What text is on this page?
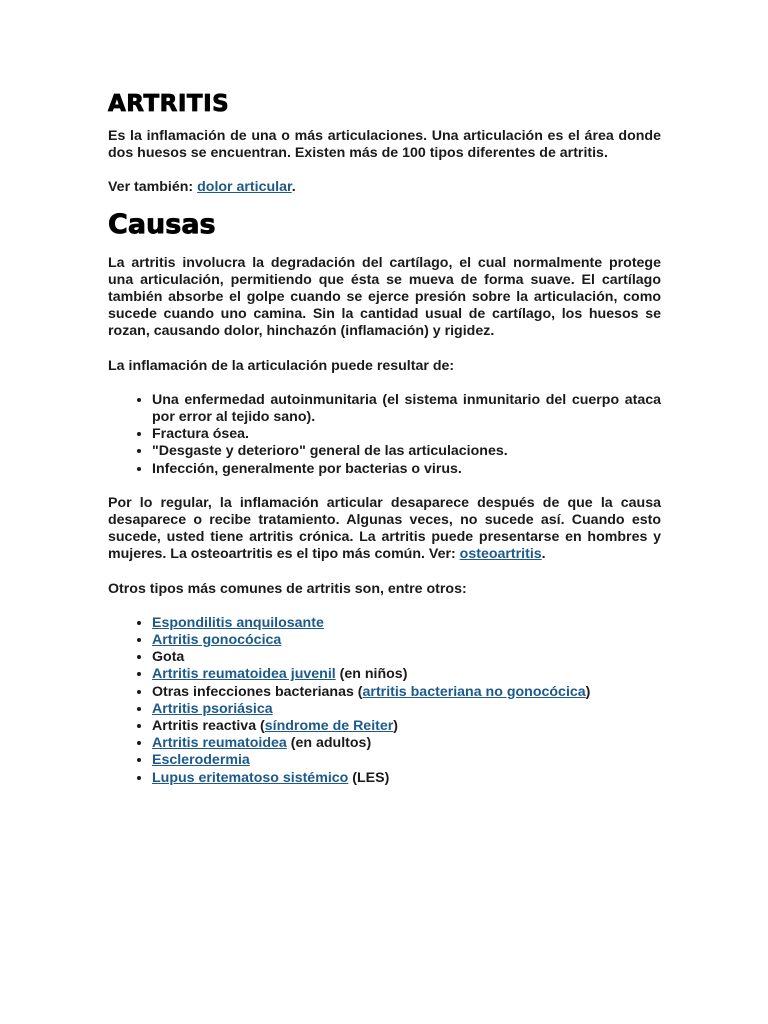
ARTRITIS

Es la inflamación de una o más articulaciones. Una articulación es el área donde dos huesos se encuentran. Existen más de 100 tipos diferentes de artritis.

Ver también: dolor articular.

Causas

La artritis involucra la degradación del cartílago, el cual normalmente protege una articulación, permitiendo que ésta se mueva de forma suave. El cartílago también absorbe el golpe cuando se ejerce presión sobre la articulación, como sucede cuando uno camina. Sin la cantidad usual de cartílago, los huesos se rozan, causando dolor, hinchazón (inflamación) y rigidez.

La inflamación de la articulación puede resultar de:

• Una enfermedad autoinmunitaria (el sistema inmunitario del cuerpo ataca por error al tejido sano).
• Fractura ósea.
• "Desgaste y deterioro" general de las articulaciones.
• Infección, generalmente por bacterias o virus.

Por lo regular, la inflamación articular desaparece después de que la causa desaparece o recibe tratamiento. Algunas veces, no sucede así. Cuando esto sucede, usted tiene artritis crónica. La artritis puede presentarse en hombres y mujeres. La osteoartritis es el tipo más común. Ver: osteoartritis.

Otros tipos más comunes de artritis son, entre otros:

• Espondilitis anquilosante
• Artritis gonocócica
• Gota
• Artritis reumatoidea juvenil (en niños)
• Otras infecciones bacterianas (artritis bacteriana no gonocócica)
• Artritis psoriásica
• Artritis reactiva (síndrome de Reiter)
• Artritis reumatoidea (en adultos)
• Esclerodermia
• Lupus eritematoso sistémico (LES)
